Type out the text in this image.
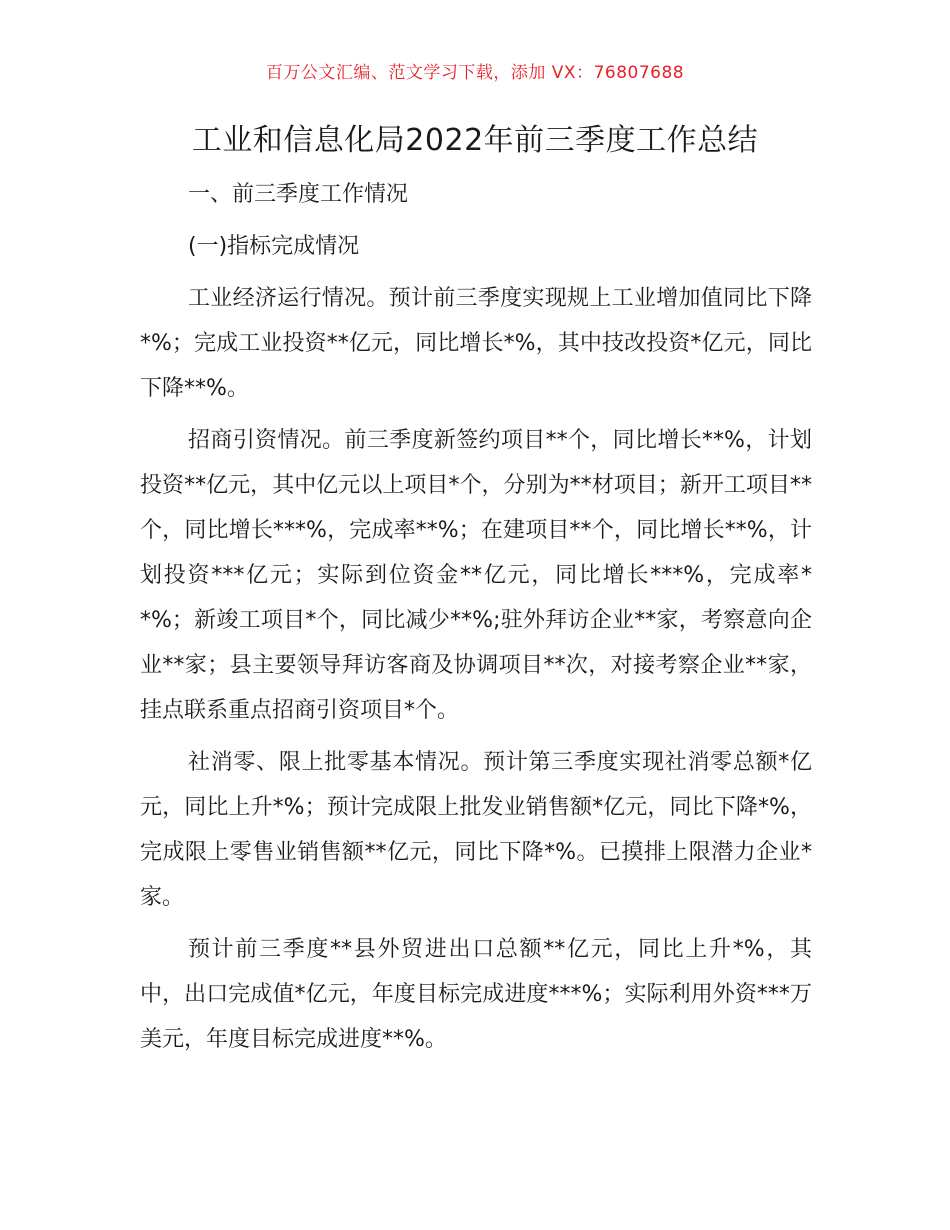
百万公文汇编、范文学习下载，添加 VX：76807688
工业和信息化局2022年前三季度工作总结

一、前三季度工作情况

(一)指标完成情况

工业经济运行情况。预计前三季度实现规上工业增加值同比下降*%；完成工业投资**亿元，同比增长*%，其中技改投资*亿元，同比下降**%。

招商引资情况。前三季度新签约项目**个，同比增长**%，计划投资**亿元，其中亿元以上项目*个，分别为**材项目；新开工项目**个，同比增长***%，完成率**%；在建项目**个，同比增长**%，计划投资***亿元；实际到位资金**亿元，同比增长***%，完成率**%；新竣工项目*个，同比减少**%;驻外拜访企业**家，考察意向企业**家；县主要领导拜访客商及协调项目**次，对接考察企业**家，挂点联系重点招商引资项目*个。

社消零、限上批零基本情况。预计第三季度实现社消零总额*亿元，同比上升*%；预计完成限上批发业销售额*亿元，同比下降*%，完成限上零售业销售额**亿元，同比下降*%。已摸排上限潜力企业*家。

预计前三季度**县外贸进出口总额**亿元，同比上升*%，其中，出口完成值*亿元，年度目标完成进度***%；实际利用外资***万美元，年度目标完成进度**%。
